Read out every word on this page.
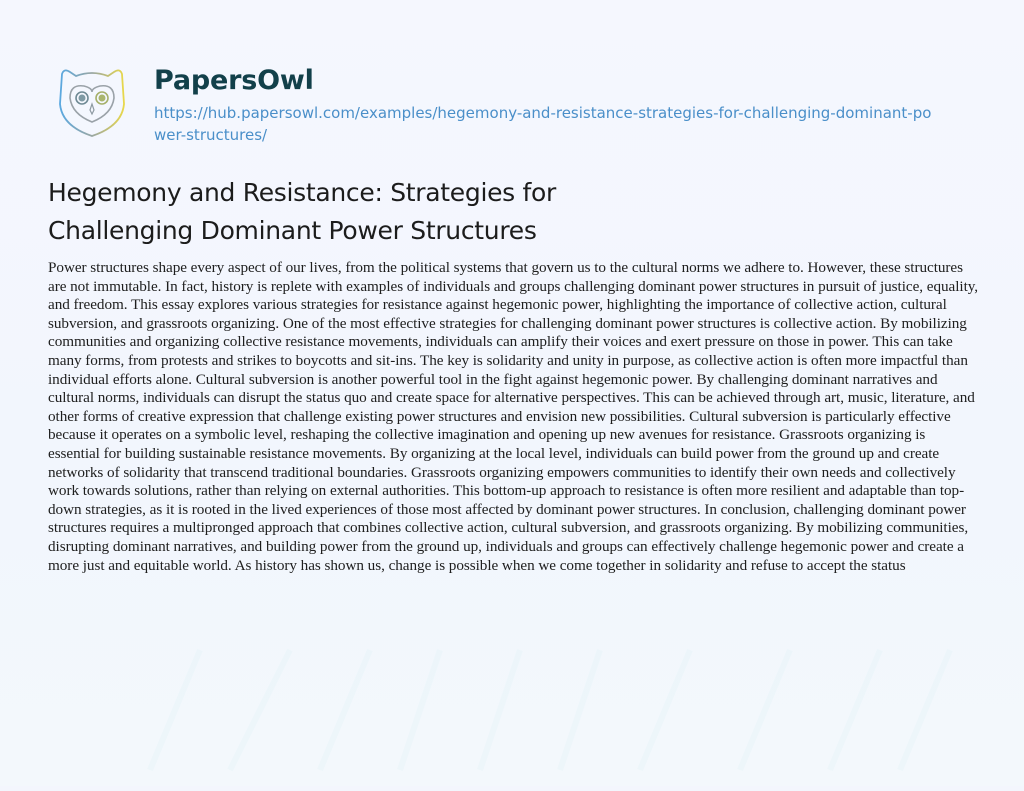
PapersOwl
https://hub.papersowl.com/examples/hegemony-and-resistance-strategies-for-challenging-dominant-power-structures/
Hegemony and Resistance: Strategies for Challenging Dominant Power Structures

Power structures shape every aspect of our lives, from the political systems that govern us to the cultural norms we adhere to. However, these structures are not immutable. In fact, history is replete with examples of individuals and groups challenging dominant power structures in pursuit of justice, equality, and freedom. This essay explores various strategies for resistance against hegemonic power, highlighting the importance of collective action, cultural subversion, and grassroots organizing. One of the most effective strategies for challenging dominant power structures is collective action. By mobilizing communities and organizing collective resistance movements, individuals can amplify their voices and exert pressure on those in power. This can take many forms, from protests and strikes to boycotts and sit-ins. The key is solidarity and unity in purpose, as collective action is often more impactful than individual efforts alone. Cultural subversion is another powerful tool in the fight against hegemonic power. By challenging dominant narratives and cultural norms, individuals can disrupt the status quo and create space for alternative perspectives. This can be achieved through art, music, literature, and other forms of creative expression that challenge existing power structures and envision new possibilities. Cultural subversion is particularly effective because it operates on a symbolic level, reshaping the collective imagination and opening up new avenues for resistance. Grassroots organizing is essential for building sustainable resistance movements. By organizing at the local level, individuals can build power from the ground up and create networks of solidarity that transcend traditional boundaries. Grassroots organizing empowers communities to identify their own needs and collectively work towards solutions, rather than relying on external authorities. This bottom-up approach to resistance is often more resilient and adaptable than top-down strategies, as it is rooted in the lived experiences of those most affected by dominant power structures. In conclusion, challenging dominant power structures requires a multipronged approach that combines collective action, cultural subversion, and grassroots organizing. By mobilizing communities, disrupting dominant narratives, and building power from the ground up, individuals and groups can effectively challenge hegemonic power and create a more just and equitable world. As history has shown us, change is possible when we come together in solidarity and refuse to accept the status
